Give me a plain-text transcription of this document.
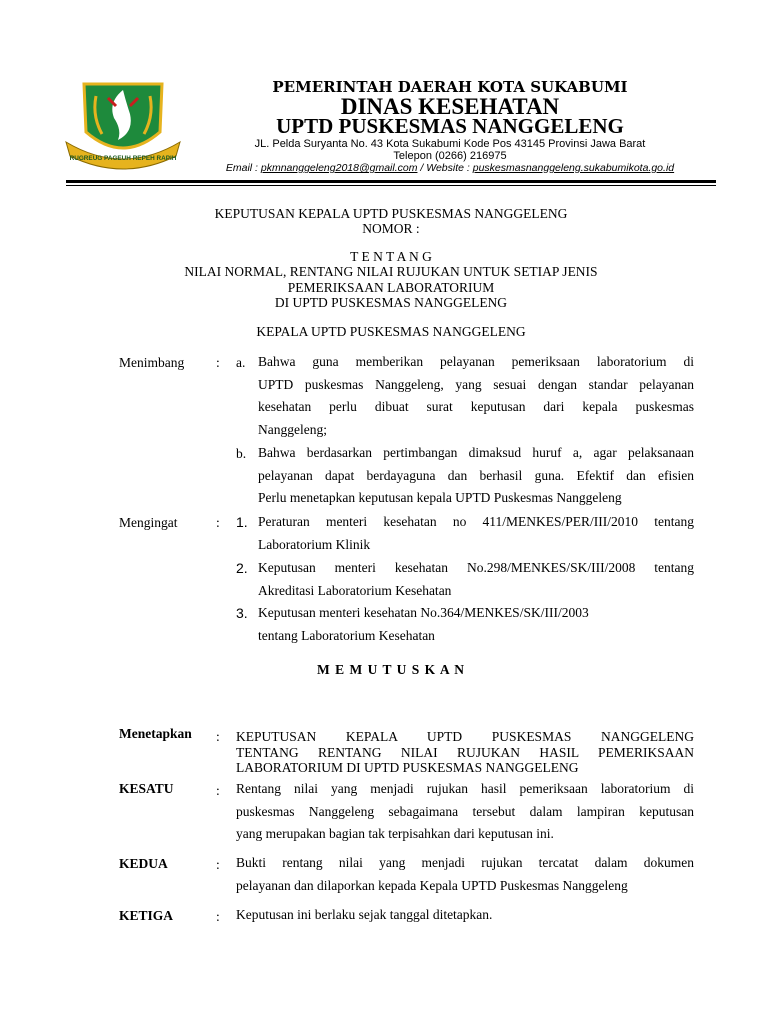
RUGREUG PAGEUH REPEH RAPIH
PEMERINTAH DAERAH KOTA SUKABUMI
DINAS KESEHATAN
UPTD PUSKESMAS NANGGELENG
JL. Pelda Suryanta No. 43 Kota Sukabumi Kode Pos 43145 Provinsi Jawa Barat
Telepon (0266) 216975
Email : pkmnanggeleng2018@gmail.com / Website : puskesmasnanggeleng.sukabumikota.go.id
KEPUTUSAN KEPALA UPTD PUSKESMAS NANGGELENG
NOMOR :
T E N T A N G
NILAI NORMAL, RENTANG NILAI RUJUKAN UNTUK SETIAP JENIS
PEMERIKSAAN LABORATORIUM
DI UPTD PUSKESMAS NANGGELENG
KEPALA UPTD PUSKESMAS NANGGELENG
Menimbang : a. Bahwa guna memberikan pelayanan pemeriksaan laboratorium di
UPTD puskesmas Nanggeleng, yang sesuai dengan standar pelayanan
kesehatan perlu dibuat surat keputusan dari kepala puskesmas
Nanggeleng;
b. Bahwa berdasarkan pertimbangan dimaksud huruf a, agar pelaksanaan
pelayanan dapat berdayaguna dan berhasil guna. Efektif dan efisien
Perlu menetapkan keputusan kepala UPTD Puskesmas Nanggeleng
Mengingat	: 1. Peraturan menteri kesehatan no 411/MENKES/PER/III/2010 tentang
Laboratorium Klinik
2. Keputusan menteri kesehatan No.298/MENKES/SK/III/2008 tentang
Akreditasi Laboratorium Kesehatan
3. Keputusan menteri kesehatan No.364/MENKES/SK/III/2003
tentang Laboratorium Kesehatan
M E M U T U S K A N
Menetapkan : KEPUTUSAN KEPALA UPTD PUSKESMAS NANGGELENG
TENTANG RENTANG NILAI RUJUKAN HASIL PEMERIKSAAN
LABORATORIUM DI UPTD PUSKESMAS NANGGELENG
KESATU	: Rentang nilai yang menjadi rujukan hasil pemeriksaan laboratorium di
puskesmas Nanggeleng sebagaimana tersebut dalam lampiran keputusan
yang merupakan bagian tak terpisahkan dari keputusan ini.
KEDUA	: Bukti rentang nilai yang menjadi rujukan tercatat dalam dokumen
pelayanan dan dilaporkan kepada Kepala UPTD Puskesmas Nanggeleng
KETIGA	: Keputusan ini berlaku sejak tanggal ditetapkan.
